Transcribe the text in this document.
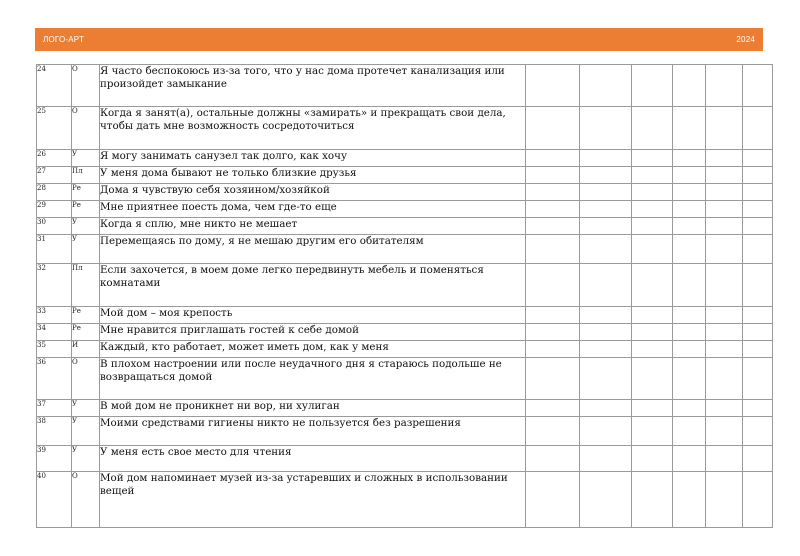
ЛОГО-АРТ	2024
24	О	Я часто беспокоюсь из-за того, что у нас дома протечет канализация или произойдет замыкание						
25	О	Когда я занят(а), остальные должны «замирать» и прекращать свои дела, чтобы дать мне возможность сосредоточиться						
26	У	Я могу занимать санузел так долго, как хочу						
27	Пл	У меня дома бывают не только близкие друзья						
28	Ре	Дома я чувствую себя хозяином/хозяйкой						
29	Ре	Мне приятнее поесть дома, чем где-то еще						
30	У	Когда я сплю, мне никто не мешает						
31	У	Перемещаясь по дому, я не мешаю другим его обитателям						
32	Пл	Если захочется, в моем доме легко передвинуть мебель и поменяться комнатами						
33	Ре	Мой дом – моя крепость						
34	Ре	Мне нравится приглашать гостей к себе домой						
35	И	Каждый, кто работает, может иметь дом, как у меня						
36	О	В плохом настроении или после неудачного дня я стараюсь подольше не возвращаться домой						
37	У	В мой дом не проникнет ни вор, ни хулиган						
38	У	Моими средствами гигиены никто не пользуется без разрешения						
39	У	У меня есть свое место для чтения						
40	О	Мой дом напоминает музей из-за устаревших и сложных в использовании вещей						
